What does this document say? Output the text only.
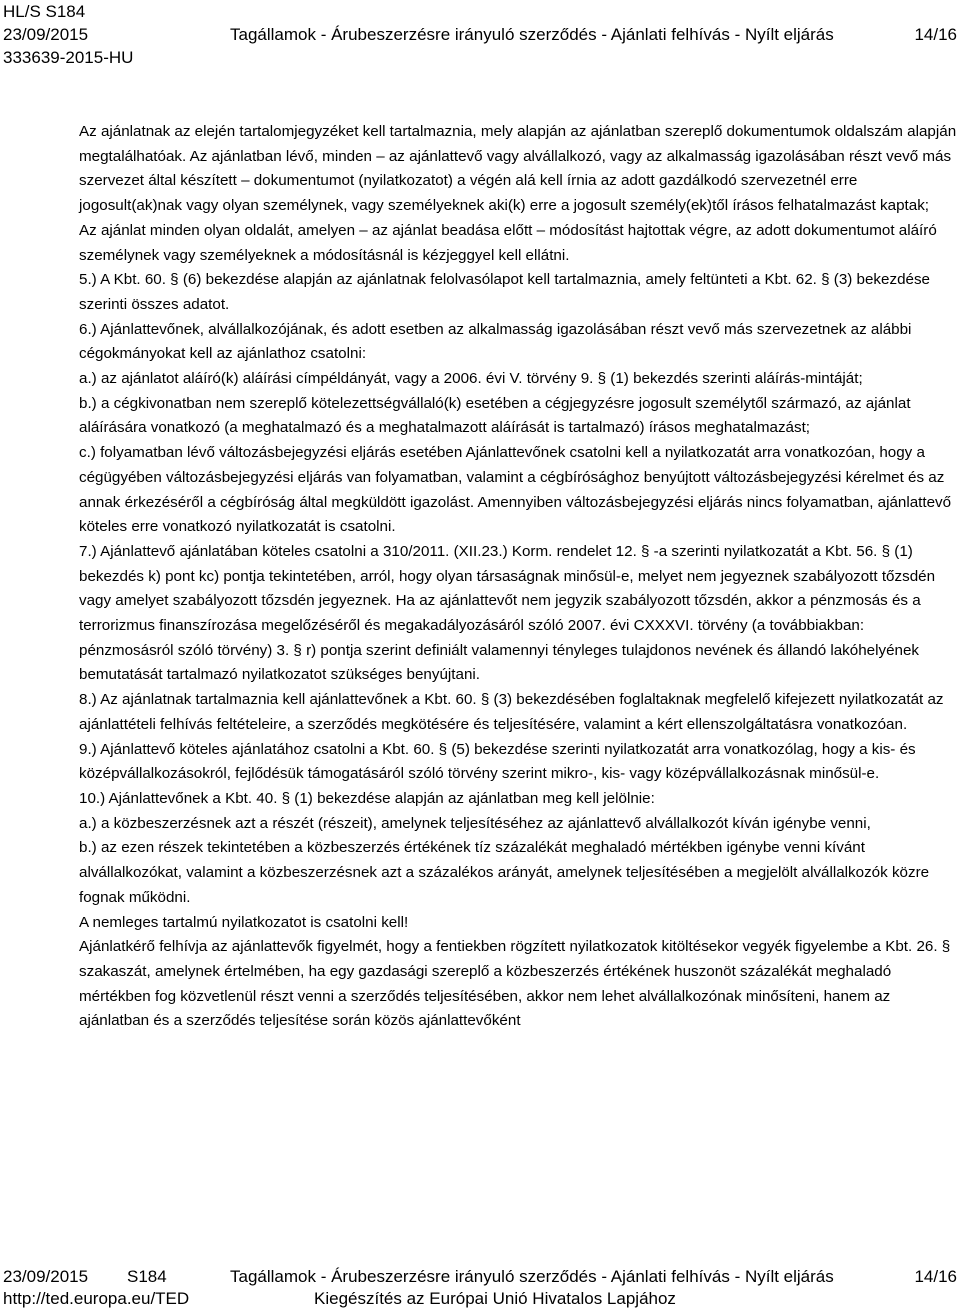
HL/S S184
23/09/2015	Tagállamok - Árubeszerzésre irányuló szerződés - Ajánlati felhívás - Nyílt eljárás	14/16
333639-2015-HU

Az ajánlatnak az elején tartalomjegyzéket kell tartalmaznia, mely alapján az ajánlatban szereplő dokumentumok oldalszám alapján megtalálhatóak. Az ajánlatban lévő, minden – az ajánlattevő vagy alvállalkozó, vagy az alkalmasság igazolásában részt vevő más szervezet által készített – dokumentumot (nyilatkozatot) a végén alá kell írnia az adott gazdálkodó szervezetnél erre jogosult(ak)nak vagy olyan személynek, vagy személyeknek aki(k) erre a jogosult személy(ek)től írásos felhatalmazást kaptak;

Az ajánlat minden olyan oldalát, amelyen – az ajánlat beadása előtt – módosítást hajtottak végre, az adott dokumentumot aláíró személynek vagy személyeknek a módosításnál is kézjeggyel kell ellátni.

5.) A Kbt. 60. § (6) bekezdése alapján az ajánlatnak felolvasólapot kell tartalmaznia, amely feltünteti a Kbt. 62. § (3) bekezdése szerinti összes adatot.

6.) Ajánlattevőnek, alvállalkozójának, és adott esetben az alkalmasság igazolásában részt vevő más szervezetnek az alábbi cégokmányokat kell az ajánlathoz csatolni:

a.) az ajánlatot aláíró(k) aláírási címpéldányát, vagy a 2006. évi V. törvény 9. § (1) bekezdés szerinti aláírás-mintáját;

b.) a cégkivonatban nem szereplő kötelezettségvállaló(k) esetében a cégjegyzésre jogosult személytől származó, az ajánlat aláírására vonatkozó (a meghatalmazó és a meghatalmazott aláírását is tartalmazó) írásos meghatalmazást;

c.) folyamatban lévő változásbejegyzési eljárás esetében Ajánlattevőnek csatolni kell a nyilatkozatát arra vonatkozóan, hogy a cégügyében változásbejegyzési eljárás van folyamatban, valamint a cégbírósághoz benyújtott változásbejegyzési kérelmet és az annak érkezéséről a cégbíróság által megküldött igazolást. Amennyiben változásbejegyzési eljárás nincs folyamatban, ajánlattevő köteles erre vonatkozó nyilatkozatát is csatolni.

7.) Ajánlattevő ajánlatában köteles csatolni a 310/2011. (XII.23.) Korm. rendelet 12. § -a szerinti nyilatkozatát a Kbt. 56. § (1) bekezdés k) pont kc) pontja tekintetében, arról, hogy olyan társaságnak minősül-e, melyet nem jegyeznek szabályozott tőzsdén vagy amelyet szabályozott tőzsdén jegyeznek. Ha az ajánlattevőt nem jegyzik szabályozott tőzsdén, akkor a pénzmosás és a terrorizmus finanszírozása megelőzéséről és megakadályozásáról szóló 2007. évi CXXXVI. törvény (a továbbiakban: pénzmosásról szóló törvény) 3. § r) pontja szerint definiált valamennyi tényleges tulajdonos nevének és állandó lakóhelyének bemutatását tartalmazó nyilatkozatot szükséges benyújtani.

8.) Az ajánlatnak tartalmaznia kell ajánlattevőnek a Kbt. 60. § (3) bekezdésében foglaltaknak megfelelő kifejezett nyilatkozatát az ajánlattételi felhívás feltételeire, a szerződés megkötésére és teljesítésére, valamint a kért ellenszolgáltatásra vonatkozóan.

9.) Ajánlattevő köteles ajánlatához csatolni a Kbt. 60. § (5) bekezdése szerinti nyilatkozatát arra vonatkozólag, hogy a kis- és középvállalkozásokról, fejlődésük támogatásáról szóló törvény szerint mikro-, kis- vagy középvállalkozásnak minősül-e.

10.) Ajánlattevőnek a Kbt. 40. § (1) bekezdése alapján az ajánlatban meg kell jelölnie:

a.) a közbeszerzésnek azt a részét (részeit), amelynek teljesítéséhez az ajánlattevő alvállalkozót kíván igénybe venni,

b.) az ezen részek tekintetében a közbeszerzés értékének tíz százalékát meghaladó mértékben igénybe venni kívánt alvállalkozókat, valamint a közbeszerzésnek azt a százalékos arányát, amelynek teljesítésében a megjelölt alvállalkozók közre fognak működni.

A nemleges tartalmú nyilatkozatot is csatolni kell!

Ajánlatkérő felhívja az ajánlattevők figyelmét, hogy a fentiekben rögzített nyilatkozatok kitöltésekor vegyék figyelembe a Kbt. 26. § szakaszát, amelynek értelmében, ha egy gazdasági szereplő a közbeszerzés értékének huszonöt százalékát meghaladó mértékben fog közvetlenül részt venni a szerződés teljesítésében, akkor nem lehet alvállalkozónak minősíteni, hanem az ajánlatban és a szerződés teljesítése során közös ajánlattevőként

23/09/2015 S184	Tagállamok - Árubeszerzésre irányuló szerződés - Ajánlati felhívás - Nyílt eljárás	14/16
http://ted.europa.eu/TED	Kiegészítés az Európai Unió Hivatalos Lapjához
